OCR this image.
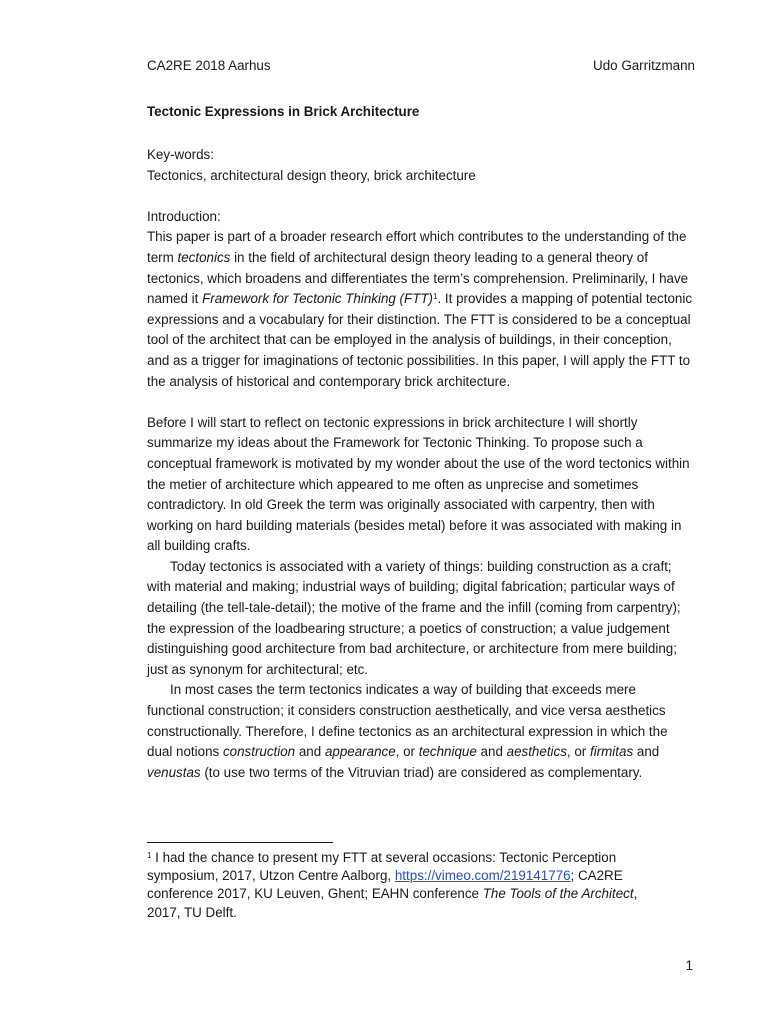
CA2RE 2018 Aarhus	Udo Garritzmann
Tectonic Expressions in Brick Architecture

Key-words:

Tectonics, architectural design theory, brick architecture

Introduction:

This paper is part of a broader research effort which contributes to the understanding of the term tectonics in the field of architectural design theory leading to a general theory of tectonics, which broadens and differentiates the term’s comprehension. Preliminarily, I have named it Framework for Tectonic Thinking (FTT)$^1$. It provides a mapping of potential tectonic expressions and a vocabulary for their distinction. The FTT is considered to be a conceptual tool of the architect that can be employed in the analysis of buildings, in their conception, and as a trigger for imaginations of tectonic possibilities. In this paper, I will apply the FTT to the analysis of historical and contemporary brick architecture.

Before I will start to reflect on tectonic expressions in brick architecture I will shortly summarize my ideas about the Framework for Tectonic Thinking. To propose such a conceptual framework is motivated by my wonder about the use of the word tectonics within the metier of architecture which appeared to me often as unprecise and sometimes contradictory. In old Greek the term was originally associated with carpentry, then with working on hard building materials (besides metal) before it was associated with making in all building crafts.

Today tectonics is associated with a variety of things: building construction as a craft; with material and making; industrial ways of building; digital fabrication; particular ways of detailing (the tell-tale-detail); the motive of the frame and the infill (coming from carpentry); the expression of the loadbearing structure; a poetics of construction; a value judgement distinguishing good architecture from bad architecture, or architecture from mere building; just as synonym for architectural; etc.

In most cases the term tectonics indicates a way of building that exceeds mere functional construction; it considers construction aesthetically, and vice versa aesthetics constructionally. Therefore, I define tectonics as an architectural expression in which the dual notions construction and appearance, or technique and aesthetics, or firmitas and venustas (to use two terms of the Vitruvian triad) are considered as complementary.

$^1$ I had the chance to present my FTT at several occasions: Tectonic Perception symposium, 2017, Utzon Centre Aalborg, https://vimeo.com/219141776; CA2RE conference 2017, KU Leuven, Ghent; EAHN conference The Tools of the Architect, 2017, TU Delft.
1
